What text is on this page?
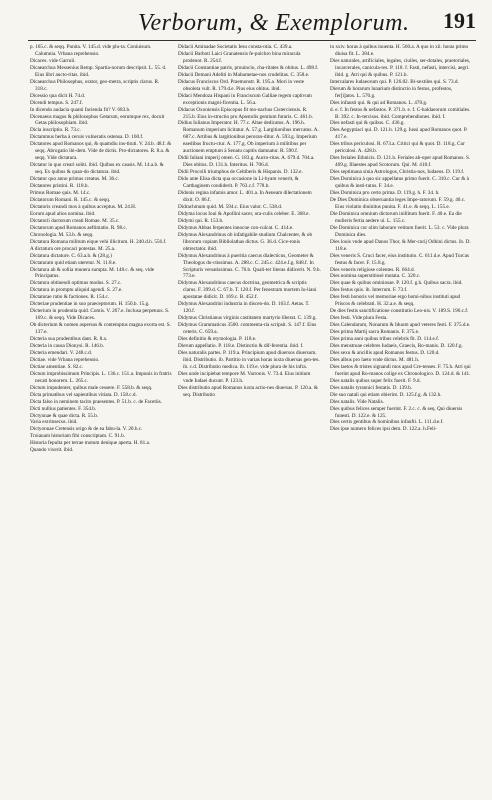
Verborum, & Exemplorum. 191

p. 165.c. & seqq. Punita. V. 145.d. vide plu-ta. Coniuisum. Calumnia. Vrbana reprehensio.

Dicaces. vide Garruli.

Dicaearchus Messenius Remp. Spartia-norum descripsit. L. 55. d. Eius libri aucto-ritas. ibid.

Dicaearchus Philosophus, orator, geo-metra, scriptis clarus. R. 318.c.

Dicessio qua dicit H. 74.d.

Dicendi tempus. S. 247.f.

In dicendo audacia quanti facienda fit? V. 683.b.

Dicenaeus magus & philosophus Getarum, eorumque rex, docuit Getas philosophiam. ibid.

Dicla inscriptio. R. 73.c.

Dictammus herba à ceruis vulneratis ostensa. D. 160.f.

Dictatores apud Romanos qui, & quamdiu ins-tituti. V. 24.b. 48.f. & seqq. Abrogatio ibi-dem. Vide de dictis. Pro-dictatores. R. 8.a. & seqq. Vide dictatura.

Dictator in quo creari soliti. ibid. Quibus ex causis. M. 14.a.b. & seq. Ex quibus & quan-do dictatura. ibid.

Dictator quo anno primus creatus. M. 36.c.

Dictatores pristini. R. 118.b.

Primus Romae quis. M. 14.c.

Dictatorum Romani. R. 145.c. & seqq.

Dictatoris creandi mos à quibus acceptus. M. 24.H.

Eorum apud alios nomina. ibid.

Dictatorii dactorum creati Romae. M. 35.c.

Dictatorum apud Romanos aeftimatio. R. 98.c.

Chronologia. M. 53.b. & seqq.

Dictatura Romana militum eique vehi illicitum. H. 240.d.h. 556.f.

A dictatura ore procaci potestas. M. 25.a.

Dictatura dictature. C. 63.a.b. & (28.g.)

Dictaturam quid etiam uteretur. N. 11.8.e.

Dictatura ab & sollia munera sumpta. M. 148.c. & seq. vide Principatus.

Dictatura obtinendi optimus modus. S. 27.c.

Dictatura in promptu aliquid agendi. S. 27.e.

Dictaturae ratio & factiones. R. 154.c.

Dicteriae prudentiae in suo praeceptorum. H. 150.b. 15.g.

Dicterium in prudentia quid. Comis. V. 267.e. Inclusa perpetuus. S. 169.c. & seqq. Vide Dicaces.

Ob dicterium & nomen aspersus & contemptus magna exorta est. S. 137.e.

Dicteria sua prudentibus dant. R. 8.a.

Dicteria in causa Dionysi. R. 146.b.

Dicteria emendari. V. 248.c.d.

Dictiae. vide Vrbana reprehensio.

Dictiae amentiae. S. 82.c.

Dictum improbissimum Principis. L. 136.c. 151.a. Impunis in fratris necati honorem. L. 265.c.

Dictum impudenter, quibus male cessere. F. 558.b. & seqq.

Dicta primatibus vel sapientibus vitiata. D. 158.c.d.

Dicta falso in neminem tacito praesentes. P. 51.b. c. de Facetiis.

Dicti nullius patientes. F. 354.b.

Dictynnae & quae dicta. R. 55.b.

Varia extrinsecus. ibid.

Dictyonnae Cretensis origo & de ea fabu-la. V. 20.b.c.

Troianam historiam fibi conscriptam. C. 91.b.

Historia fepulta per terrae motum denique aperta. H. 81.a.

Quando vixerit. ibid.

Didacii Aminadae Societatis Iesu consta-ntia. C. 439.a.

Didacii Barboti Laici Granatensis fe-pulchro bina miracula prodeunt. R. 254.f.

Didacii Constantiae patris, prouincio, cha-ritates & obitus. L. 498.f.

Didacii Demani Adeliti in Mahumetae-nos crudelitas. C. 358.e.

Didacus Franciscus Ord. Praemonstr. R. 195.a. Mori in veste obsoleta vult. R. 179.d.e. Pius eius obitus. ibid.

Didaci Mendoza Hispani in Franciscum Galliae regem captivum exceptionis magni-ficentia. L. 56.a.

Didacus Oxoniensis Episcopus fit mo-nachus Cisterciensis. R. 215.b. Eius in-structio pro Apostolis gentium futuris. C. 461.b.

Didius Iulianus Imperator. H. 77.c. Altae dedicatus. A. 196.h. Romanum imperium licitatur. A. 57.g. Largitionibus mercatus. A. 687.c. Artibus & largitionibus peroran-ditur. A. 593.g. Imperium eaedibus fructu-ctur. A. 177.g. Ob imperium à militibus per auctionem emptum à Senatu capitis damnatur. R. 590.f.

Didii Iuliani imperij omen. G. 183.g. Aucto-ritas. A. 679.d. 704.a. Dies obitus. D. 131.h. Interitus. H. 706.d.

Didii Procolli triumphus de Celtiberis & Hispanis. D. 132.e.

Dido ante Elisa dicta qua occasione in Li-byam venerit, & Carthaginem condiderit. P. 763.c.f. 778.b.

Didonis regina infamis amor. L. 401.a. In Aeneam dilectationem dixit. O. 86.f.

Didrachmum quid. M. 594.c. Eius valor. C. 538.d.

Didyma locus Ioui & Apollini sacer, ora-culis celeber. E. 368.e.

Didymi qui. R. 153.b.

Didymus Abbas ferpentes innocue con-culcat. C. 414.e.

Didymus Alexandrinus ob infatigabile studium Chalcenter, & ob librorum copiam Bibliolathas dictus. G. 36.d. Cice-ronis obtrectator. ibid.

Didymus Alexandrinus à pueritia caecus dialecticus, Geometer & Theologus do-ctissimus. A. 288.c. C. 245.c. 424.e.f.g. 848.f. In Scripturis versatissimus. C. 76.b. Quali-ter literas didicerit. N. 9.b. 773.e.

Didymus Alexandrinus caecus doctrina, geometrica & scriptis clarus. F. 399.d. C. 67.b. T. 120.f. Per fenestram mortem Iu-liani apostatae didicit. D. 169.c. B. 452.f.

Didymus Alexandrini industria in discen-do. D. 163.f. Aetas. T. 120.f.

Didymus Christianus virginis castitatem martyrio liberat. C. 139.g.

Didymus Grammaticus 3500. commenta-ria scripsit. S. 147.f. Eius ceteris. C. 659.a.

Dies definitio & etymologia. P. 118.e.

Dierum appellatio. P. 118.e. Distinctio & dif-ferentia. ibid. f.

Dies naturalis partes. P. 119.a. Principium apud diuersos diuersum. ibid. Distributio. ib. Partitio in varias horas iuxta diuersas gen-tes. ib. c.d. Distributio medica. ib. 119.e. vide plura de his infra.

Dies unde incipiebat tempore M. Varronis. V. 73.d. Eius initium vnde Iudaei ducunt. P. 123.h.

Dies distributio apud Romanos iuxta actio-nes diuersas. P. 120.a. & seq. Distributio

in xxiv. horas à quibus inuenta. H. 560.a. A quo in xii. horas primo diuisa fit. L. 384.e.

Dies naturales, artificiales, legales, ciuiles, ser-dotales, praetoriales, incarcerales, canicula-res. P. 118. f. Fasti, nefasti, intercisi, aegri. ibid. g. Atri qui & quibus. P. 121.b.

Intercalares Iudaeorum qui. P. 126.82. Bi-sextiles qui. S. 73.d.

Dierum & horarum lunarium distinctio in festos, profestos, fer[i]atos. L. 570.g.

Dies infausti qui. & qui ad Romanos. L. 470.g.

d. e. f. In festos & nefastos. P. 371.b. e. f. C-haldaeorum comitiales. B. 392. c. In-tercisos. ibid. Comprehendiones. ibid. f.

Dies nefasti qui & quibus. C. 436.g.

Dies Aegyptiaci qui. D. 121.b. 129.g. Iussi apud Romanos quot. P. 417.e.

Dies tribus periculosi. R. 673.a. Critici qui & quot. D. 118.g. Cur periculosi. A. 428.b.

Dies feriales Ethnicis. D. 121.h. Feriales ab-oper apud Romanos. S. 469.g. Illaestes apud Scotorum. Qui. M. 418.f.

Dies septimana sinia Astrologos, Christia-nos, Iudaeos. D. 119.f.

Dies Dominica à quo sic appellatus primo fuerit. C. 310.c. Cur & à quibus & insti-tutus. F. 34.e.

Dies Dominica pro certo prima. D. 119.g. h. F. 34. b.

De Dies Dominica obseruantia leges Impe-ratorum. F. 59.g. 40.c. Eius violatio diuinitus punita. F. 41.e. & seqq. L. 155.e.

Die Dominica omnium dictorum inillitum fuerit. F. 40.e. Ea die mulieris fertia aedere ui. L. 155.c.

Die Dominica cur olim laborare vetitum fuerit. L. 53. c. Vide plura Dominica dies.

Dies louis vnde apud Danos Thor, & Mer-curij Odhini dictus. ib. D. 118.e.

Dies veneris S. Cruci facer, eius institutio. C. 611.d.e. Apud Turcas festus & facer. F. 15.8.g.

Dies veneris religiose colentes. R. 664.d.

Dies nomina superstitiosè mutata. C. 320.c.

Dies quae & quibus ominiosae. P. 120.f. g.h. Quibus sacra. ibid.

Dies festus quis. ib. Interrum. F. 73.f.

Dies festi honoris vel memoriae ergo homi-nibus instituti apud Priscos & celebrati. H. 32.a.e. & seqq.

De dies festis sanctificatione constitutio Leo-nis. V. 189.S. 196.c.f.

Dies festi. Vide plura Festa.

Dies Calendarum, Nonarum & Iduum apud veteres festi. F. 375.d.e.

Dies prima Martij sacra Romanis. F. 375.e.

Dies prima anni quibus tribus celebris fit. D. 114.e.f.

Dies menstruae celebres Iudaeis, Graecis, Ro-manis. D. 120.f.g.

Dies sexu & ancillis apud Romanos festus. D. 120.d.

Dies albus pro laeto vnde dictus. M. 481.h.

Dies laetos & tristes signandi mos apud Cre-tenses. F. 75.h. Atri qui fuerint apud Ro-manos colige ex Chronologico. D. 124.d. & 141.

Dies natalis quibus super felix fuerit. F. 9.d.

Dies natalis tyrannici festatis. D. 139.b.

Die suo natali qui etiam obierint. D. 125.f.g. & 132.h.

Dies natalis. Vide Natalis.

Dies quibus felices semper fuerint. F. 2.c. c. & seq. Qui diuersis funesti. D. 122.e. & 125.

Dies certis gentibus & hominibus infaufti. L. 111.d.e.f.

Dies ipse numero felices ipsi dem. D. 122.a. h.Feli-
